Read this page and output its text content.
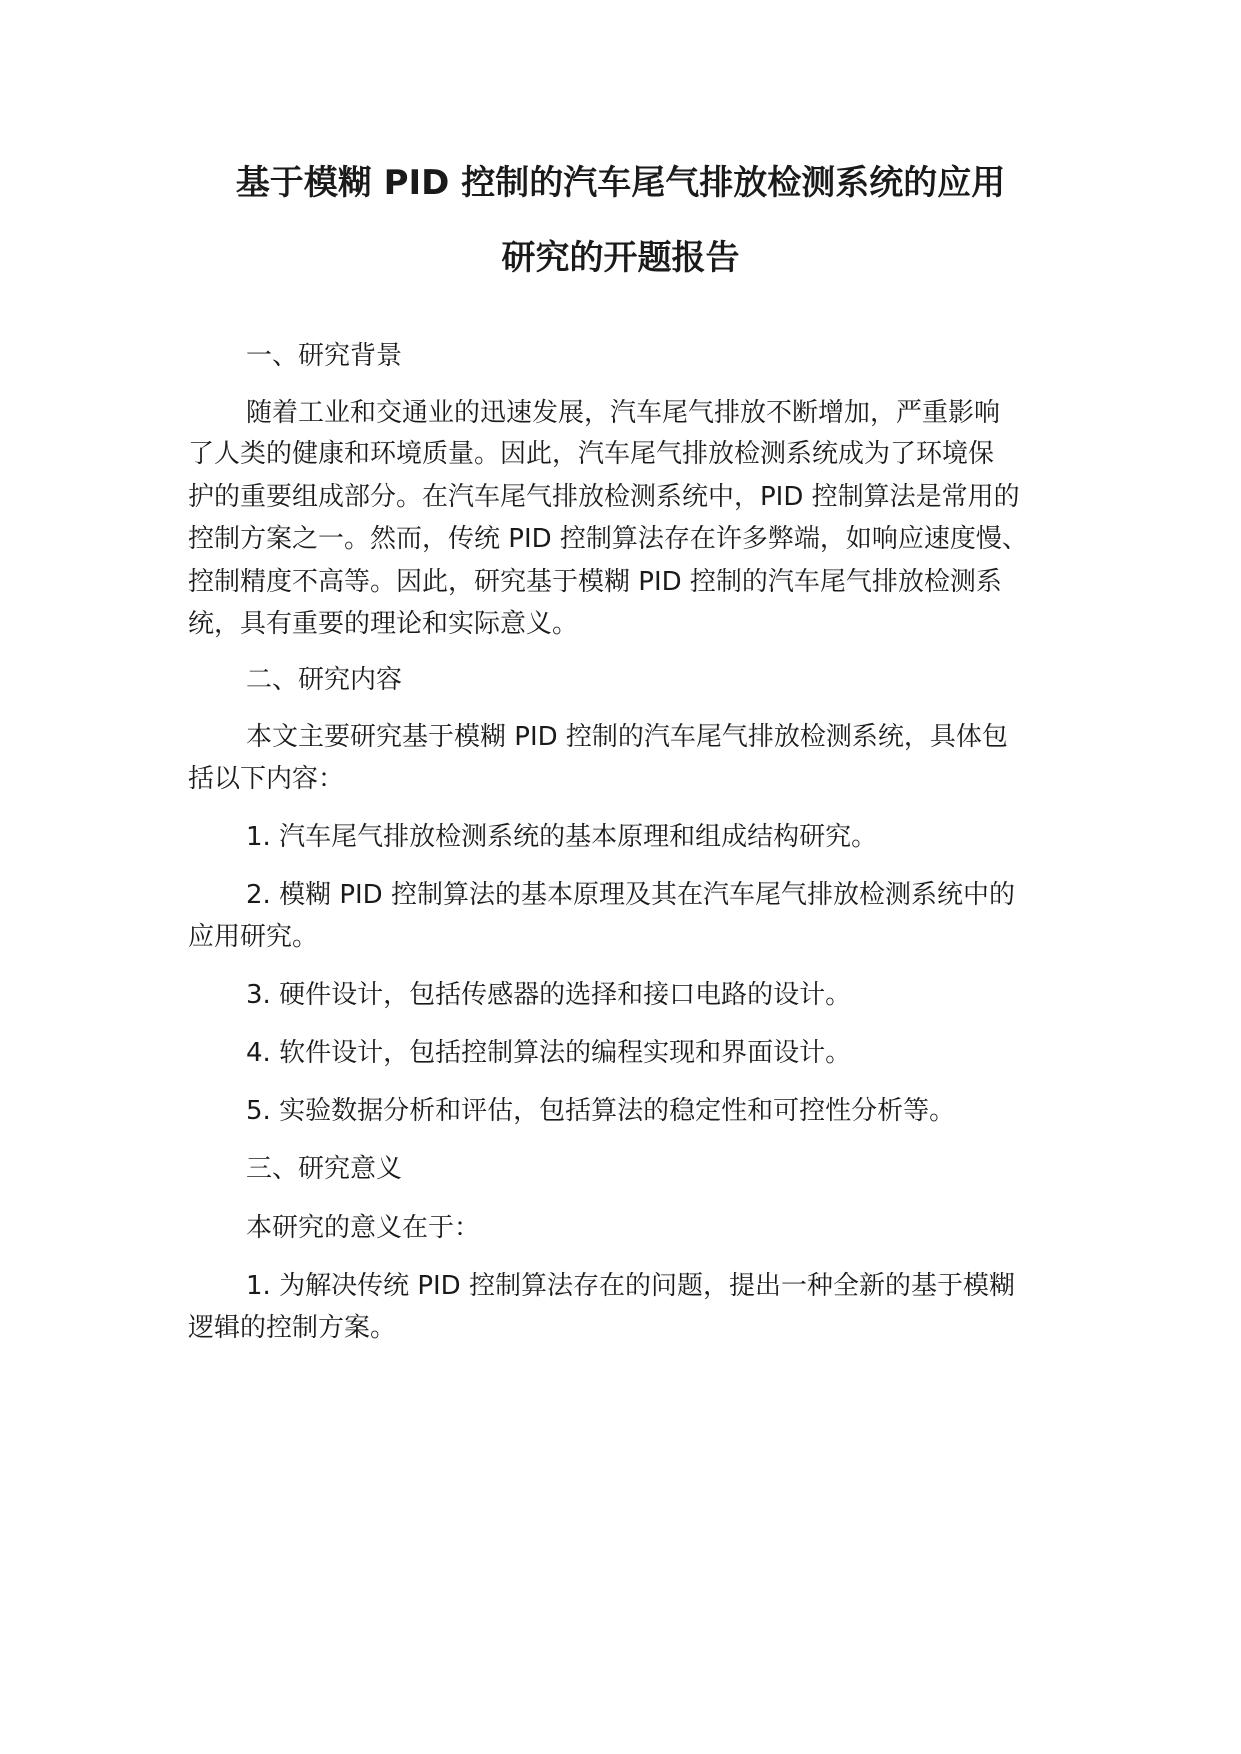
基于模糊 PID 控制的汽车尾气排放检测系统的应用
研究的开题报告
一、研究背景
随着工业和交通业的迅速发展，汽车尾气排放不断增加，严重影响
了人类的健康和环境质量。因此，汽车尾气排放检测系统成为了环境保
护的重要组成部分。在汽车尾气排放检测系统中，PID 控制算法是常用的
控制方案之一。然而，传统 PID 控制算法存在许多弊端，如响应速度慢、
控制精度不高等。因此，研究基于模糊 PID 控制的汽车尾气排放检测系
统，具有重要的理论和实际意义。
二、研究内容
本文主要研究基于模糊 PID 控制的汽车尾气排放检测系统，具体包
括以下内容：
1. 汽车尾气排放检测系统的基本原理和组成结构研究。
2. 模糊 PID 控制算法的基本原理及其在汽车尾气排放检测系统中的
应用研究。
3. 硬件设计，包括传感器的选择和接口电路的设计。
4. 软件设计，包括控制算法的编程实现和界面设计。
5. 实验数据分析和评估，包括算法的稳定性和可控性分析等。
三、研究意义
本研究的意义在于：
1. 为解决传统 PID 控制算法存在的问题，提出一种全新的基于模糊
逻辑的控制方案。
